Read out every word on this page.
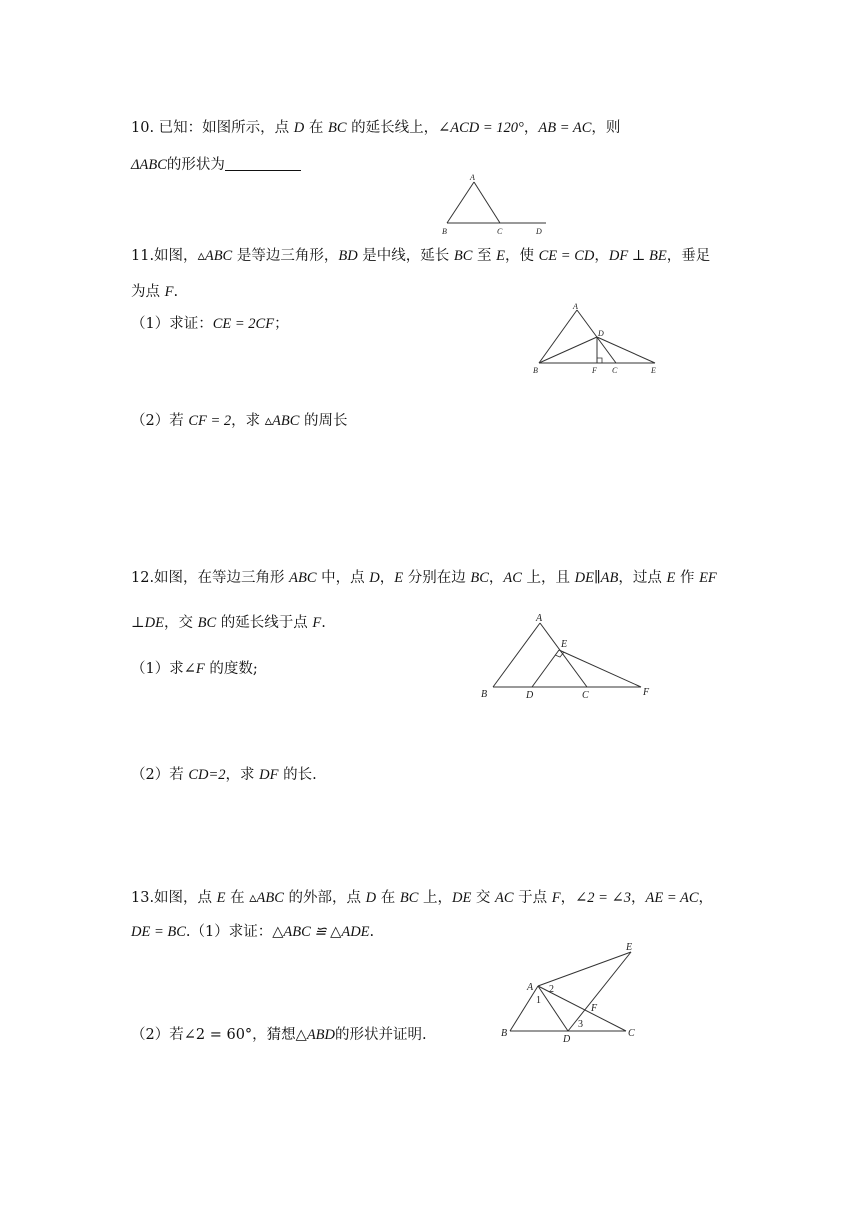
10. 已知：如图所示，点 D 在 BC 的延长线上，∠ACD = 120°，AB = AC，则
ΔABC的形状为
A
B	C	D
11.如图，▵ABC 是等边三角形，BD 是中线，延长 BC 至 E，使 CE = CD，DF ⊥ BE，垂足
为点 F.
（1）求证：CE = 2CF；
（2）若 CF = 2，求 ▵ABC 的周长
A
D
B	F C	E
12.如图，在等边三角形 ABC 中，点 D，E 分别在边 BC，AC 上，且 DE∥AB，过点 E 作 EF
⊥DE，交 BC 的延长线于点 F.
（1）求∠F 的度数;
（2）若 CD=2，求 DF 的长.
A
E
B	D	C	F
13.如图，点 E 在 ▵ABC 的外部，点 D 在 BC 上，DE 交 AC 于点 F，∠2 = ∠3，AE = AC，
DE = BC.（1）求证：△ABC ≌ △ADE.
（2）若∠2 = 60°，猜想△ABD的形状并证明.
E
A 2
1
F
3
B
D
C
